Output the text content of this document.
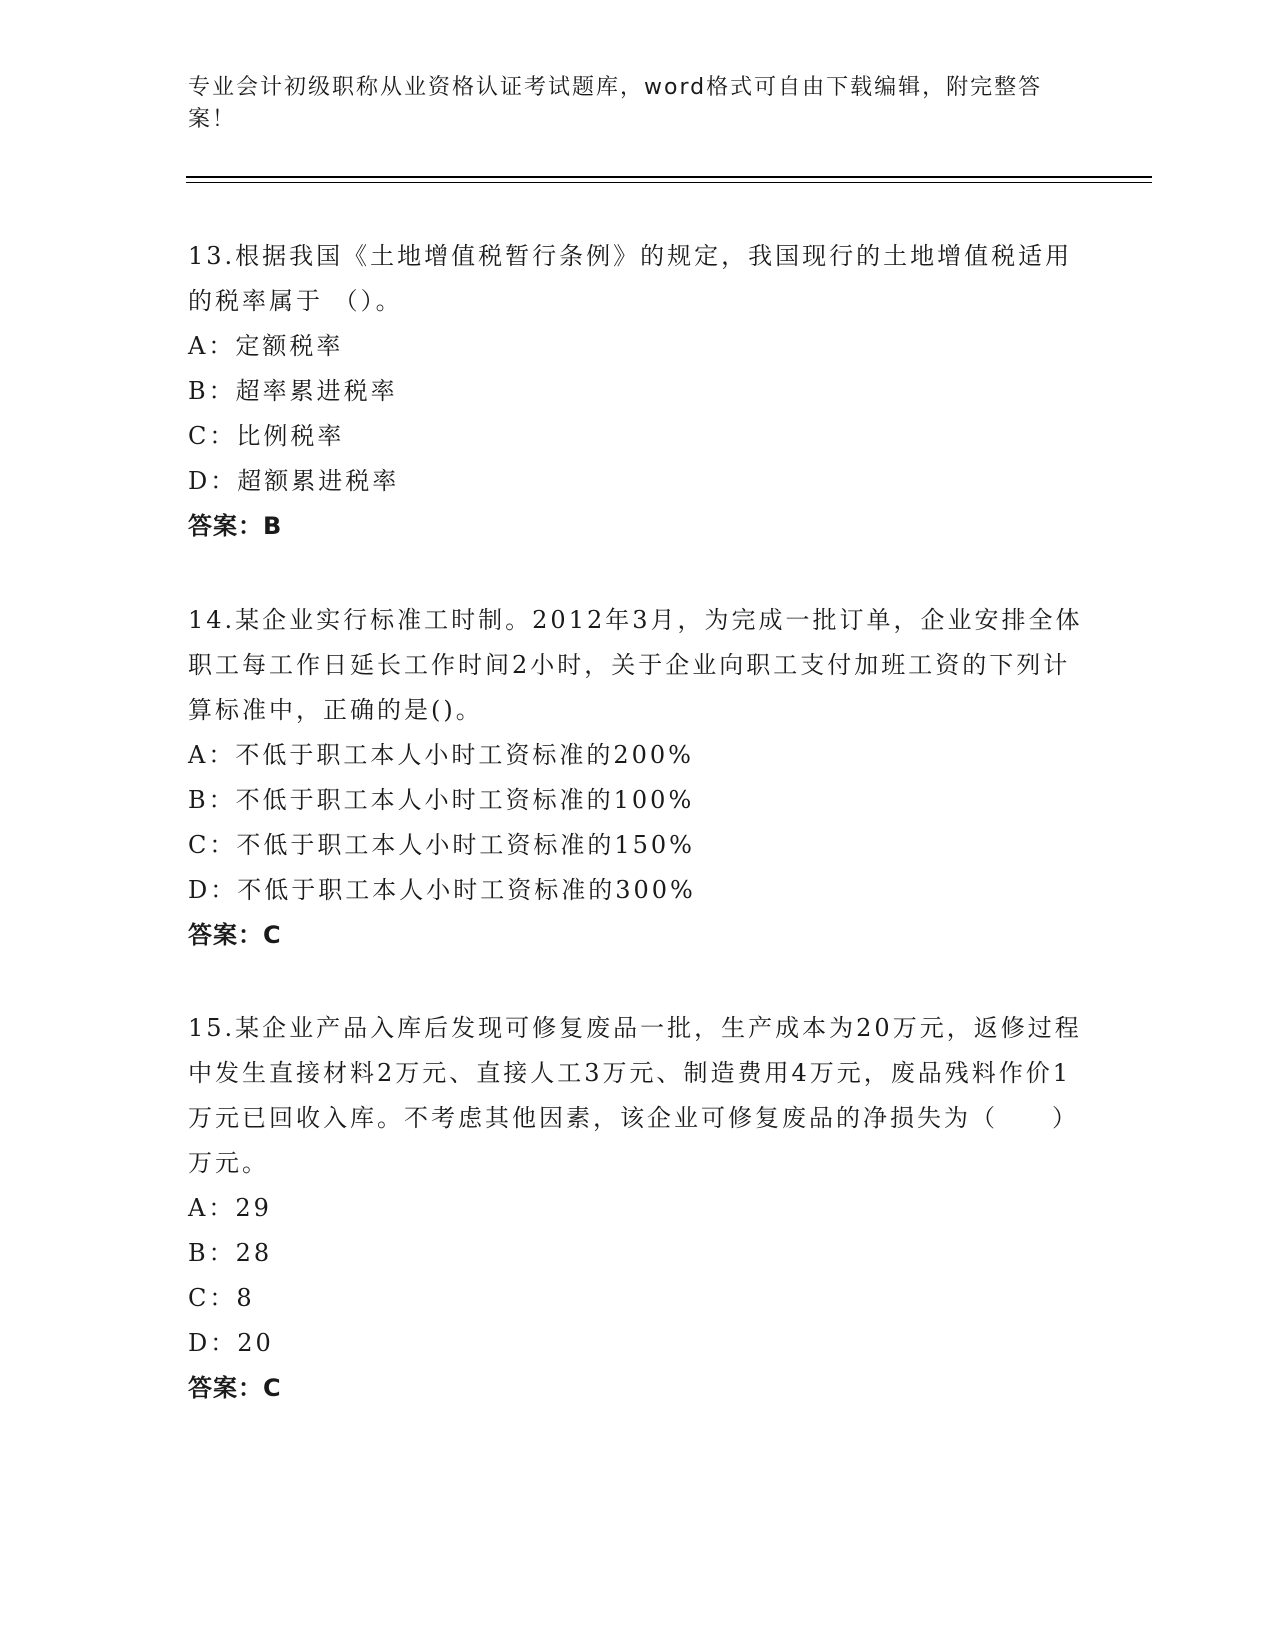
专业会计初级职称从业资格认证考试题库，word格式可自由下载编辑，附完整答案！

13.根据我国《土地增值税暂行条例》的规定，我国现行的土地增值税适用的税率属于 （）。

A：定额税率

B：超率累进税率

C：比例税率

D：超额累进税率

答案：B

14.某企业实行标准工时制。2012年3月，为完成一批订单，企业安排全体职工每工作日延长工作时间2小时，关于企业向职工支付加班工资的下列计算标准中，正确的是()。

A：不低于职工本人小时工资标准的200%

B：不低于职工本人小时工资标准的100%

C：不低于职工本人小时工资标准的150%

D：不低于职工本人小时工资标准的300%

答案：C

15.某企业产品入库后发现可修复废品一批，生产成本为20万元，返修过程中发生直接材料2万元、直接人工3万元、制造费用4万元，废品残料作价1万元已回收入库。不考虑其他因素，该企业可修复废品的净损失为（　　）万元。

A：29

B：28

C：8

D：20

答案：C
